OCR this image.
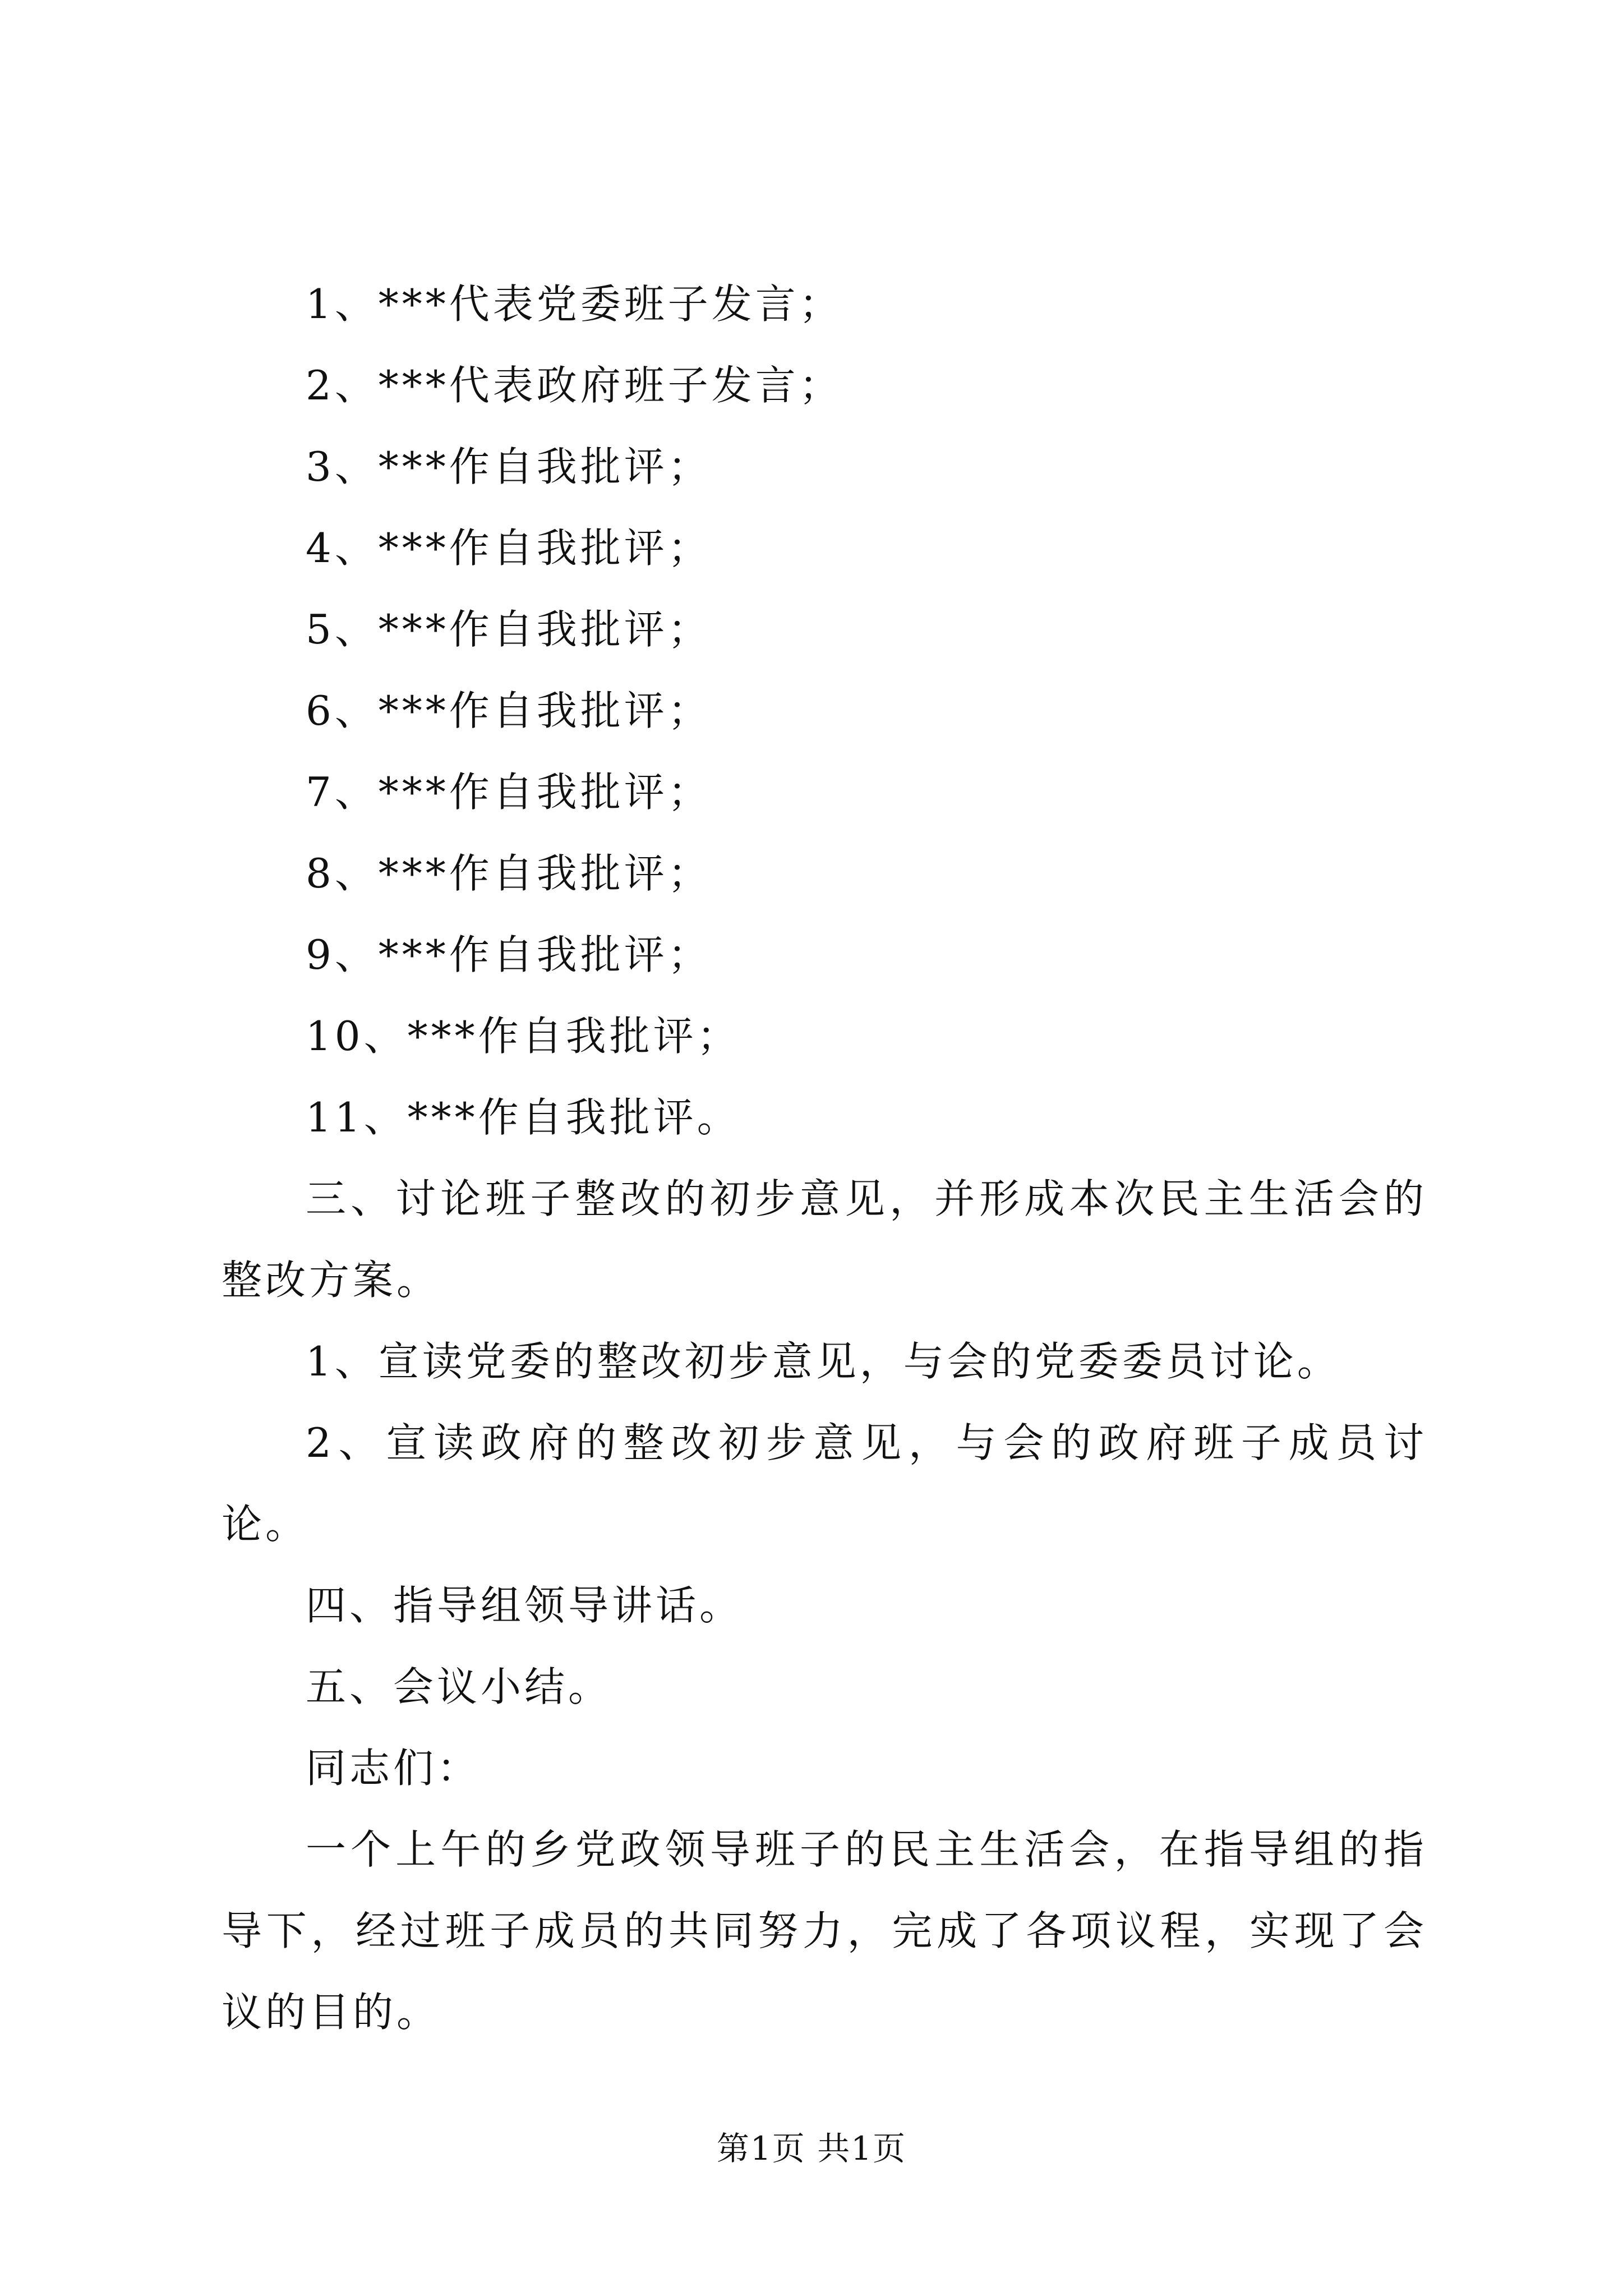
1、***代表党委班子发言；

2、***代表政府班子发言；

3、***作自我批评；

4、***作自我批评；

5、***作自我批评；

6、***作自我批评；

7、***作自我批评；

8、***作自我批评；

9、***作自我批评；

10、***作自我批评；

11、***作自我批评。

三、讨论班子整改的初步意见，并形成本次民主生活会的整改方案。

1、宣读党委的整改初步意见，与会的党委委员讨论。

2、宣读政府的整改初步意见，与会的政府班子成员讨论。

四、指导组领导讲话。

五、会议小结。

同志们：

一个上午的乡党政领导班子的民主生活会，在指导组的指导下，经过班子成员的共同努力，完成了各项议程，实现了会议的目的。

第1页 共1页
